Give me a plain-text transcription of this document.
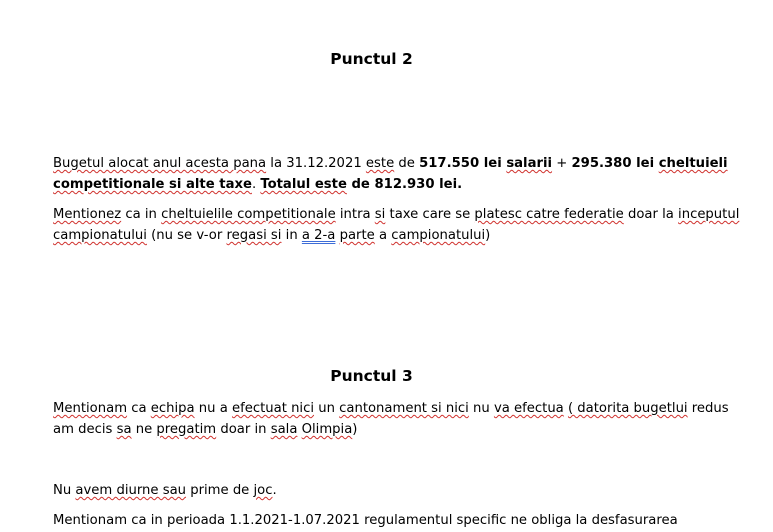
Punctul 2
Bugetul alocat anul acesta pana la 31.12.2021 este de 517.550 lei salarii + 295.380 lei cheltuieli
competitionale si alte taxe. Totalul este de 812.930 lei.
Mentionez ca in cheltuielile competitionale intra si taxe care se platesc catre federatie doar la inceputul
campionatului (nu se v-or regasi si in a 2-a parte a campionatului)
Punctul 3
Mentionam ca echipa nu a efectuat nici un cantonament si nici nu va efectua ( datorita bugetlui redus
am decis sa ne pregatim doar in sala Olimpia)
Nu avem diurne sau prime de joc.
Mentionam ca in perioada 1.1.2021-1.07.2021 regulamentul specific ne obliga la desfasurarea
